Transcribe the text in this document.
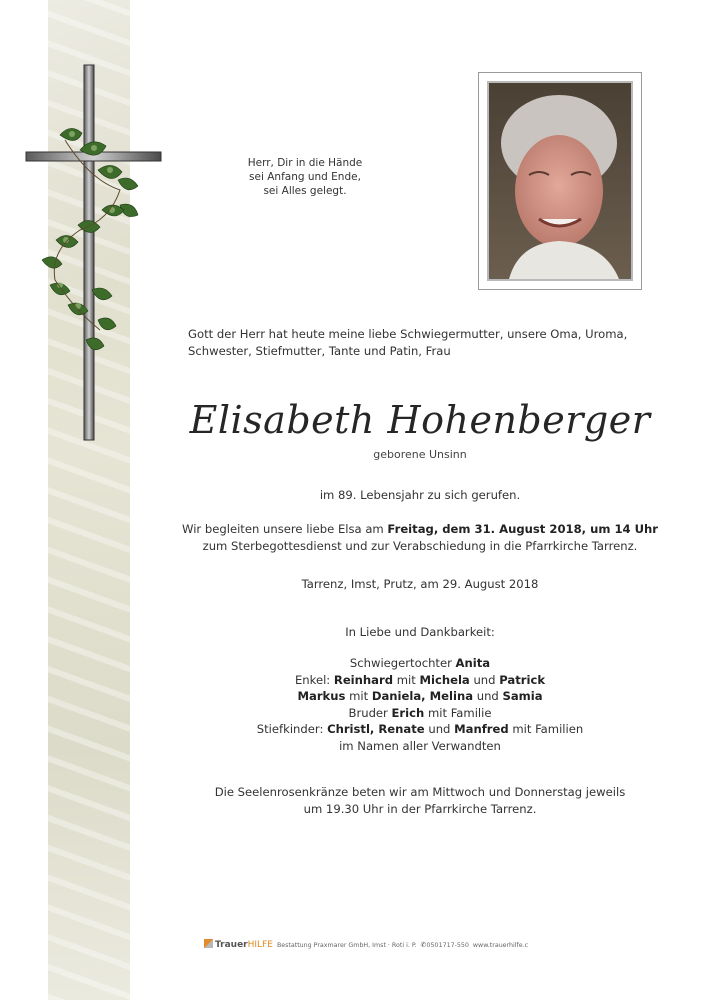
Herr, Dir in die Hände
sei Anfang und Ende,
sei Alles gelegt.
Gott der Herr hat heute meine liebe Schwiegermutter, unsere Oma, Uroma, Schwester, Stiefmutter, Tante und Patin, Frau
Elisabeth Hohenberger
geborene Unsinn
im 89. Lebensjahr zu sich gerufen.
Wir begleiten unsere liebe Elsa am Freitag, dem 31. August 2018, um 14 Uhr
zum Sterbegottesdienst und zur Verabschiedung in die Pfarrkirche Tarrenz.
Tarrenz, Imst, Prutz, am 29. August 2018
In Liebe und Dankbarkeit:
Schwiegertochter Anita
Enkel: Reinhard mit Michela und Patrick
Markus mit Daniela, Melina und Samia
Bruder Erich mit Familie
Stiefkinder: Christl, Renate und Manfred mit Familien
im Namen aller Verwandten
Die Seelenrosenkränze beten wir am Mittwoch und Donnerstag jeweils
um 19.30 Uhr in der Pfarrkirche Tarrenz.
TrauerHILFE Bestattung Praxmarer GmbH, Imst · Roti i. P. ✆0501717-550 www.trauerhilfe.c
